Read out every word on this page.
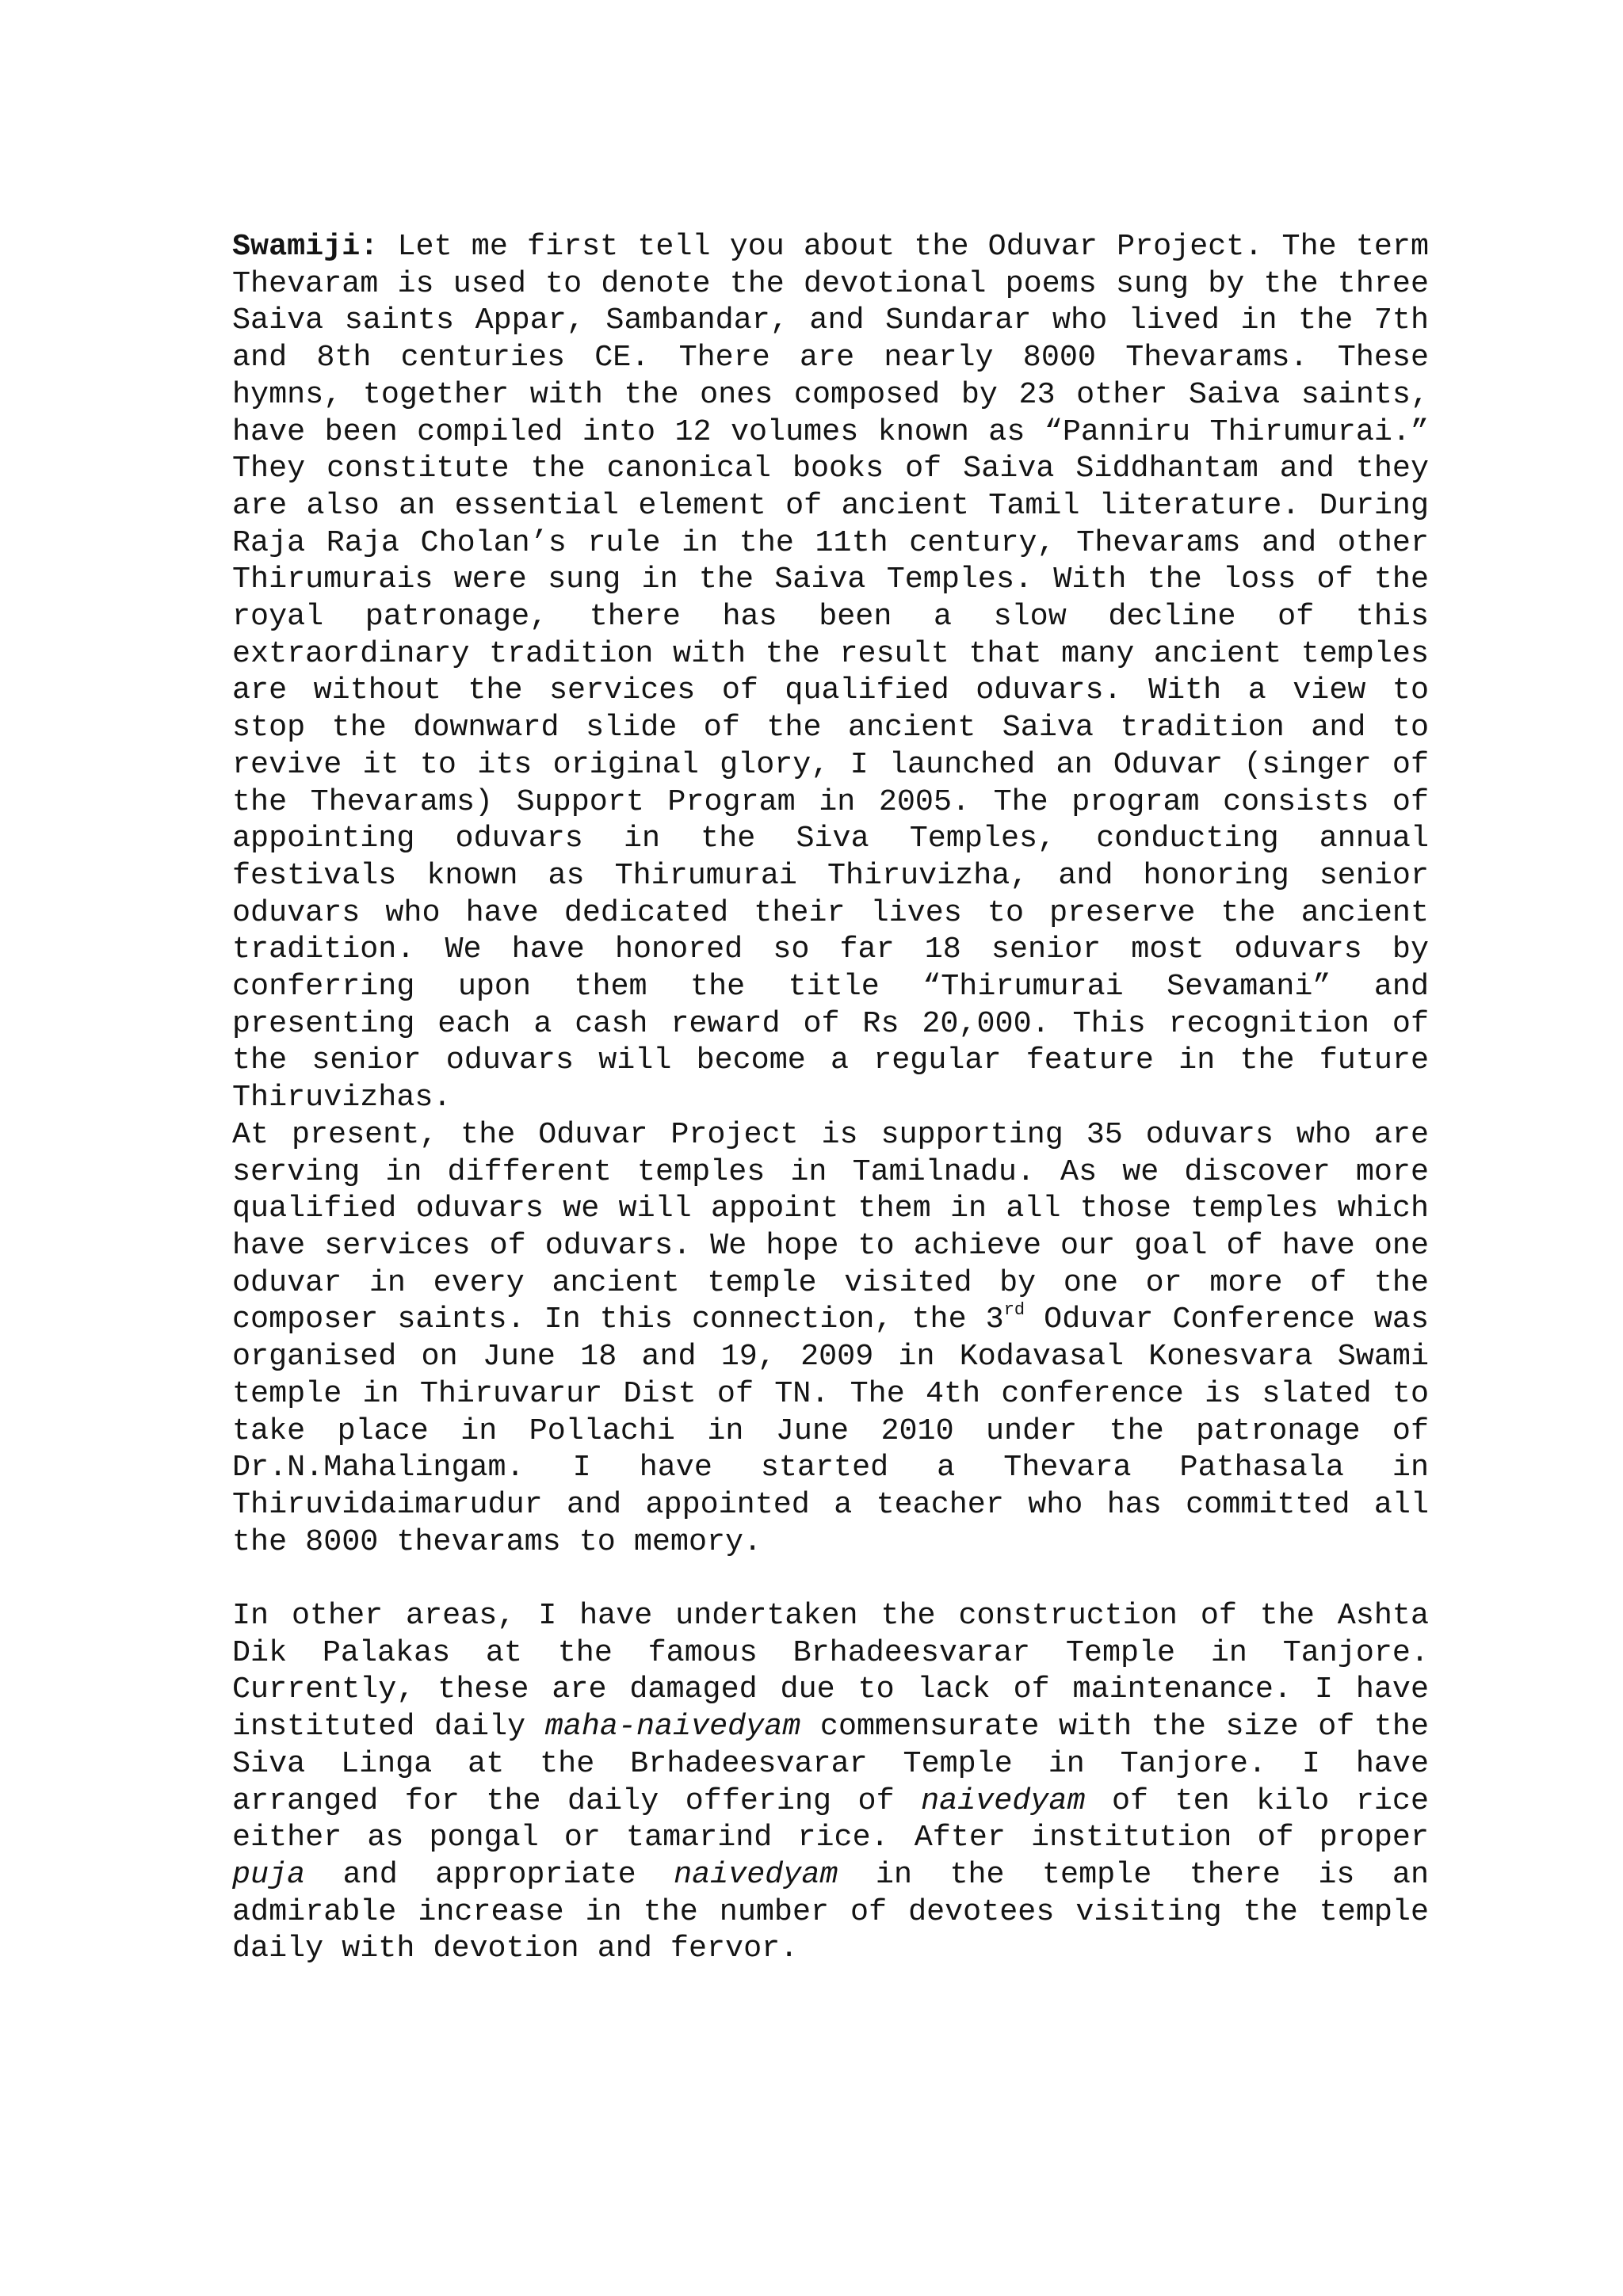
Swamiji: Let me first tell you about the Oduvar Project. The term Thevaram is used to denote the devotional poems sung by the three Saiva saints Appar, Sambandar, and Sundarar who lived in the 7th and 8th centuries CE. There are nearly 8000 Thevarams. These hymns, together with the ones composed by 23 other Saiva saints, have been compiled into 12 volumes known as “Panniru Thirumurai.” They constitute the canonical books of Saiva Siddhantam and they are also an essential element of ancient Tamil literature. During Raja Raja Cholan’s rule in the 11th century, Thevarams and other Thirumurais were sung in the Saiva Temples. With the loss of the royal patronage, there has been a slow decline of this extraordinary tradition with the result that many ancient temples are without the services of qualified oduvars. With a view to stop the downward slide of the ancient Saiva tradition and to revive it to its original glory, I launched an Oduvar (singer of the Thevarams) Support Program in 2005. The program consists of appointing oduvars in the Siva Temples, conducting annual festivals known as Thirumurai Thiruvizha, and honoring senior oduvars who have dedicated their lives to preserve the ancient tradition. We have honored so far 18 senior most oduvars by conferring upon them the title “Thirumurai Sevamani” and presenting each a cash reward of Rs 20,000. This recognition of the senior oduvars will become a regular feature in the future Thiruvizhas.

At present, the Oduvar Project is supporting 35 oduvars who are serving in different temples in Tamilnadu. As we discover more qualified oduvars we will appoint them in all those temples which have services of oduvars. We hope to achieve our goal of have one oduvar in every ancient temple visited by one or more of the composer saints. In this connection, the 3rd Oduvar Conference was organised on June 18 and 19, 2009 in Kodavasal Konesvara Swami temple in Thiruvarur Dist of TN. The 4th conference is slated to take place in Pollachi in June 2010 under the patronage of Dr.N.Mahalingam. I have started a Thevara Pathasala in Thiruvidaimarudur and appointed a teacher who has committed all the 8000 thevarams to memory.

In other areas, I have undertaken the construction of the Ashta Dik Palakas at the famous Brhadeesvarar Temple in Tanjore. Currently, these are damaged due to lack of maintenance. I have instituted daily maha-naivedyam commensurate with the size of the Siva Linga at the Brhadeesvarar Temple in Tanjore. I have arranged for the daily offering of naivedyam of ten kilo rice either as pongal or tamarind rice. After institution of proper puja and appropriate naivedyam in the temple there is an admirable increase in the number of devotees visiting the temple daily with devotion and fervor.
